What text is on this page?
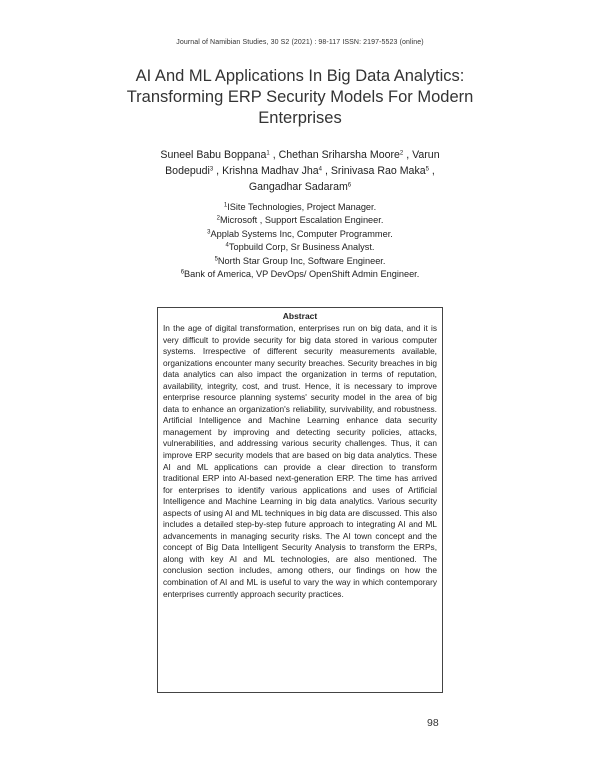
Journal of Namibian Studies, 30 S2 (2021) : 98-117 ISSN: 2197-5523 (online)
AI And ML Applications In Big Data Analytics: Transforming ERP Security Models For Modern Enterprises
Suneel Babu Boppana$^1$ , Chethan Sriharsha Moore$^2$ , Varun Bodepudi$^3$ , Krishna Madhav Jha$^4$ , Srinivasa Rao Maka$^5$ , Gangadhar Sadaram$^6$
$^1$ISite Technologies, Project Manager.
$^2$Microsoft , Support Escalation Engineer.
$^3$Applab Systems Inc, Computer Programmer.
$^4$Topbuild Corp, Sr Business Analyst.
$^5$North Star Group Inc, Software Engineer.
$^6$Bank of America, VP DevOps/ OpenShift Admin Engineer.
Abstract

In the age of digital transformation, enterprises run on big data, and it is very difficult to provide security for big data stored in various computer systems. Irrespective of different security measurements available, organizations encounter many security breaches. Security breaches in big data analytics can also impact the organization in terms of reputation, availability, integrity, cost, and trust. Hence, it is necessary to improve enterprise resource planning systems' security model in the area of big data to enhance an organization's reliability, survivability, and robustness. Artificial Intelligence and Machine Learning enhance data security management by improving and detecting security policies, attacks, vulnerabilities, and addressing various security challenges. Thus, it can improve ERP security models that are based on big data analytics. These AI and ML applications can provide a clear direction to transform traditional ERP into AI-based next-generation ERP. The time has arrived for enterprises to identify various applications and uses of Artificial Intelligence and Machine Learning in big data analytics. Various security aspects of using AI and ML techniques in big data are discussed. This also includes a detailed step-by-step future approach to integrating AI and ML advancements in managing security risks. The AI town concept and the concept of Big Data Intelligent Security Analysis to transform the ERPs, along with key AI and ML technologies, are also mentioned. The conclusion section includes, among others, our findings on how the combination of AI and ML is useful to vary the way in which contemporary enterprises currently approach security practices.

98
